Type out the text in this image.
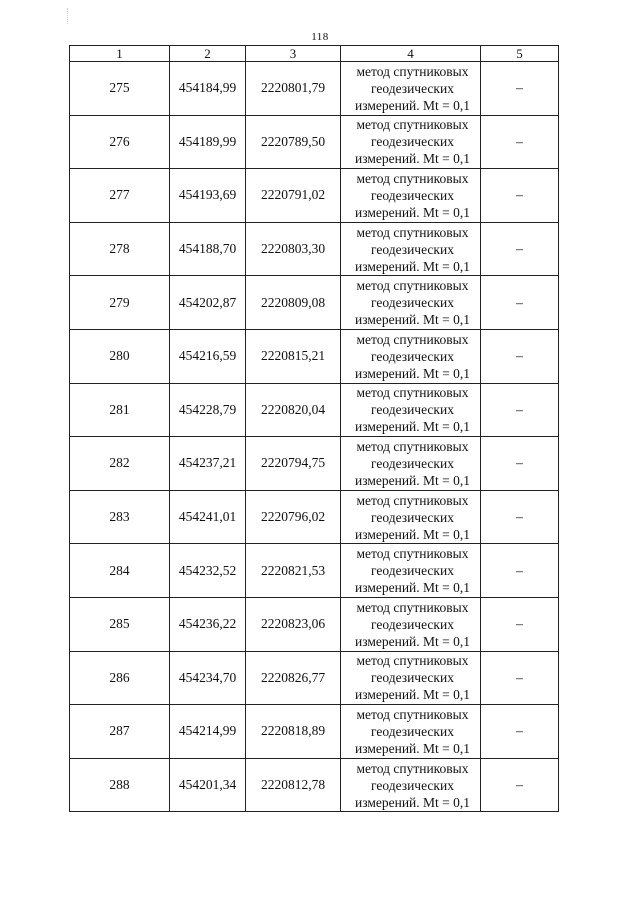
118
1	2	3	4	5
275	454184,99	2220801,79	метод спутниковых
геодезических
измерений. Mt = 0,1	–
276	454189,99	2220789,50	метод спутниковых
геодезических
измерений. Mt = 0,1	–
277	454193,69	2220791,02	метод спутниковых
геодезических
измерений. Mt = 0,1	–
278	454188,70	2220803,30	метод спутниковых
геодезических
измерений. Mt = 0,1	–
279	454202,87	2220809,08	метод спутниковых
геодезических
измерений. Mt = 0,1	–
280	454216,59	2220815,21	метод спутниковых
геодезических
измерений. Mt = 0,1	–
281	454228,79	2220820,04	метод спутниковых
геодезических
измерений. Mt = 0,1	–
282	454237,21	2220794,75	метод спутниковых
геодезических
измерений. Mt = 0,1	–
283	454241,01	2220796,02	метод спутниковых
геодезических
измерений. Mt = 0,1	–
284	454232,52	2220821,53	метод спутниковых
геодезических
измерений. Mt = 0,1	–
285	454236,22	2220823,06	метод спутниковых
геодезических
измерений. Mt = 0,1	–
286	454234,70	2220826,77	метод спутниковых
геодезических
измерений. Mt = 0,1	–
287	454214,99	2220818,89	метод спутниковых
геодезических
измерений. Mt = 0,1	–
288	454201,34	2220812,78	метод спутниковых
геодезических
измерений. Mt = 0,1	–
